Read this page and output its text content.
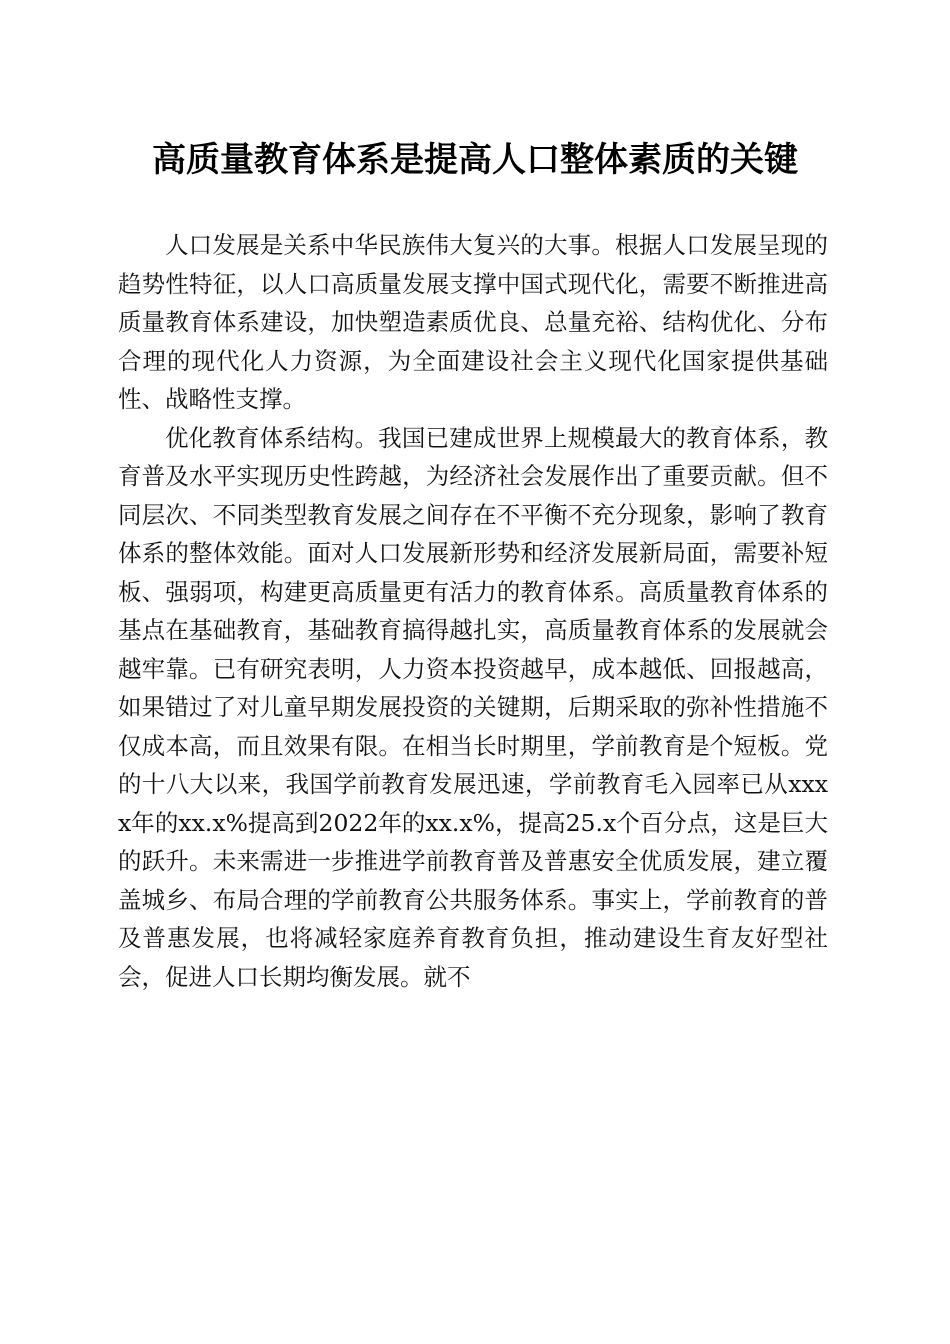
高质量教育体系是提高人口整体素质的关键

人口发展是关系中华民族伟大复兴的大事。根据人口发展呈现的趋势性特征，以人口高质量发展支撑中国式现代化，需要不断推进高质量教育体系建设，加快塑造素质优良、总量充裕、结构优化、分布合理的现代化人力资源，为全面建设社会主义现代化国家提供基础性、战略性支撑。

优化教育体系结构。我国已建成世界上规模最大的教育体系，教育普及水平实现历史性跨越，为经济社会发展作出了重要贡献。但不同层次、不同类型教育发展之间存在不平衡不充分现象，影响了教育体系的整体效能。面对人口发展新形势和经济发展新局面，需要补短板、强弱项，构建更高质量更有活力的教育体系。高质量教育体系的基点在基础教育，基础教育搞得越扎实，高质量教育体系的发展就会越牢靠。已有研究表明，人力资本投资越早，成本越低、回报越高，如果错过了对儿童早期发展投资的关键期，后期采取的弥补性措施不仅成本高，而且效果有限。在相当长时期里，学前教育是个短板。党的十八大以来，我国学前教育发展迅速，学前教育毛入园率已从xxxx年的xx.x%提高到2022年的xx.x%，提高25.x个百分点，这是巨大的跃升。未来需进一步推进学前教育普及普惠安全优质发展，建立覆盖城乡、布局合理的学前教育公共服务体系。事实上，学前教育的普及普惠发展，也将减轻家庭养育教育负担，推动建设生育友好型社会，促进人口长期均衡发展。就不
